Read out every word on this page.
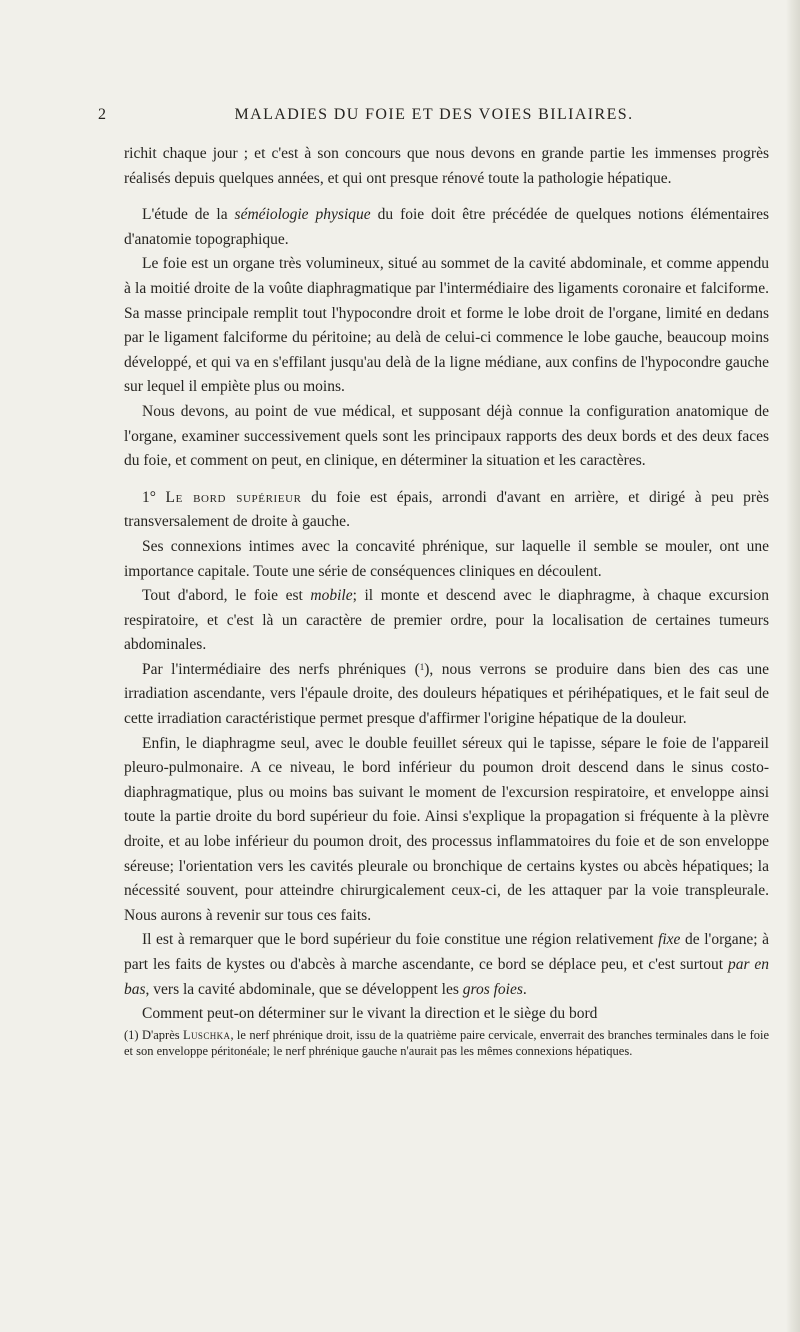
2	MALADIES DU FOIE ET DES VOIES BILIAIRES.

richit chaque jour ; et c'est à son concours que nous devons en grande partie les immenses progrès réalisés depuis quelques années, et qui ont presque rénové toute la pathologie hépatique.

L'étude de la séméiologie physique du foie doit être précédée de quelques notions élémentaires d'anatomie topographique.

Le foie est un organe très volumineux, situé au sommet de la cavité abdominale, et comme appendu à la moitié droite de la voûte diaphragmatique par l'intermédiaire des ligaments coronaire et falciforme. Sa masse principale remplit tout l'hypocondre droit et forme le lobe droit de l'organe, limité en dedans par le ligament falciforme du péritoine; au delà de celui-ci commence le lobe gauche, beaucoup moins développé, et qui va en s'effilant jusqu'au delà de la ligne médiane, aux confins de l'hypocondre gauche sur lequel il empiète plus ou moins.

Nous devons, au point de vue médical, et supposant déjà connue la configuration anatomique de l'organe, examiner successivement quels sont les principaux rapports des deux bords et des deux faces du foie, et comment on peut, en clinique, en déterminer la situation et les caractères.

1° Le bord supérieur du foie est épais, arrondi d'avant en arrière, et dirigé à peu près transversalement de droite à gauche.

Ses connexions intimes avec la concavité phrénique, sur laquelle il semble se mouler, ont une importance capitale. Toute une série de conséquences cliniques en découlent.

Tout d'abord, le foie est mobile; il monte et descend avec le diaphragme, à chaque excursion respiratoire, et c'est là un caractère de premier ordre, pour la localisation de certaines tumeurs abdominales.

Par l'intermédiaire des nerfs phréniques ($^1$), nous verrons se produire dans bien des cas une irradiation ascendante, vers l'épaule droite, des douleurs hépatiques et périhépatiques, et le fait seul de cette irradiation caractéristique permet presque d'affirmer l'origine hépatique de la douleur.

Enfin, le diaphragme seul, avec le double feuillet séreux qui le tapisse, sépare le foie de l'appareil pleuro-pulmonaire. A ce niveau, le bord inférieur du poumon droit descend dans le sinus costo-diaphragmatique, plus ou moins bas suivant le moment de l'excursion respiratoire, et enveloppe ainsi toute la partie droite du bord supérieur du foie. Ainsi s'explique la propagation si fréquente à la plèvre droite, et au lobe inférieur du poumon droit, des processus inflammatoires du foie et de son enveloppe séreuse; l'orientation vers les cavités pleurale ou bronchique de certains kystes ou abcès hépatiques; la nécessité souvent, pour atteindre chirurgicalement ceux-ci, de les attaquer par la voie transpleurale. Nous aurons à revenir sur tous ces faits.

Il est à remarquer que le bord supérieur du foie constitue une région relativement fixe de l'organe; à part les faits de kystes ou d'abcès à marche ascendante, ce bord se déplace peu, et c'est surtout par en bas, vers la cavité abdominale, que se développent les gros foies.

Comment peut-on déterminer sur le vivant la direction et le siège du bord

(1) D'après Luschka, le nerf phrénique droit, issu de la quatrième paire cervicale, enverrait des branches terminales dans le foie et son enveloppe péritonéale; le nerf phrénique gauche n'aurait pas les mêmes connexions hépatiques.
